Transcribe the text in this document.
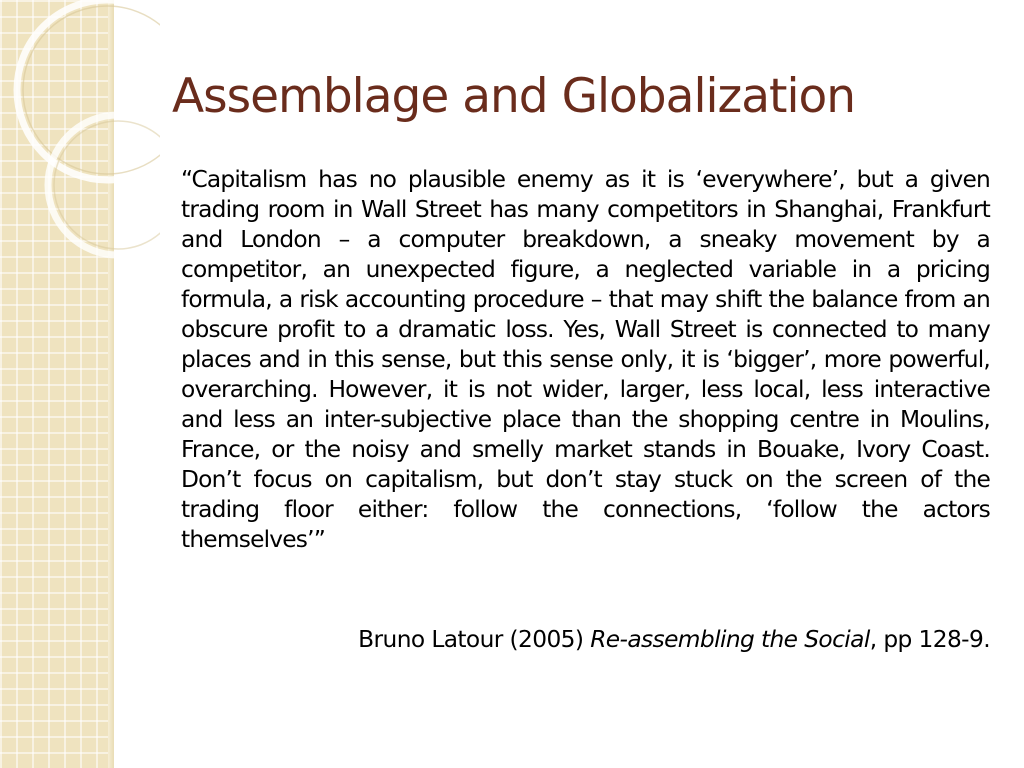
Assemblage and Globalization

“Capitalism has no plausible enemy as it is ‘everywhere’, but a given trading room in Wall Street has many competitors in Shanghai, Frankfurt and London – a computer breakdown, a sneaky movement by a competitor, an unexpected figure, a neglected variable in a pricing formula, a risk accounting procedure – that may shift the balance from an obscure profit to a dramatic loss. Yes, Wall Street is connected to many places and in this sense, but this sense only, it is ‘bigger’, more powerful, overarching. However, it is not wider, larger, less local, less interactive and less an inter-subjective place than the shopping centre in Moulins, France, or the noisy and smelly market stands in Bouake, Ivory Coast. Don’t focus on capitalism, but don’t stay stuck on the screen of the trading floor either: follow the connections, ‘follow the actors themselves’”

Bruno Latour (2005) Re-assembling the Social, pp 128-9.
